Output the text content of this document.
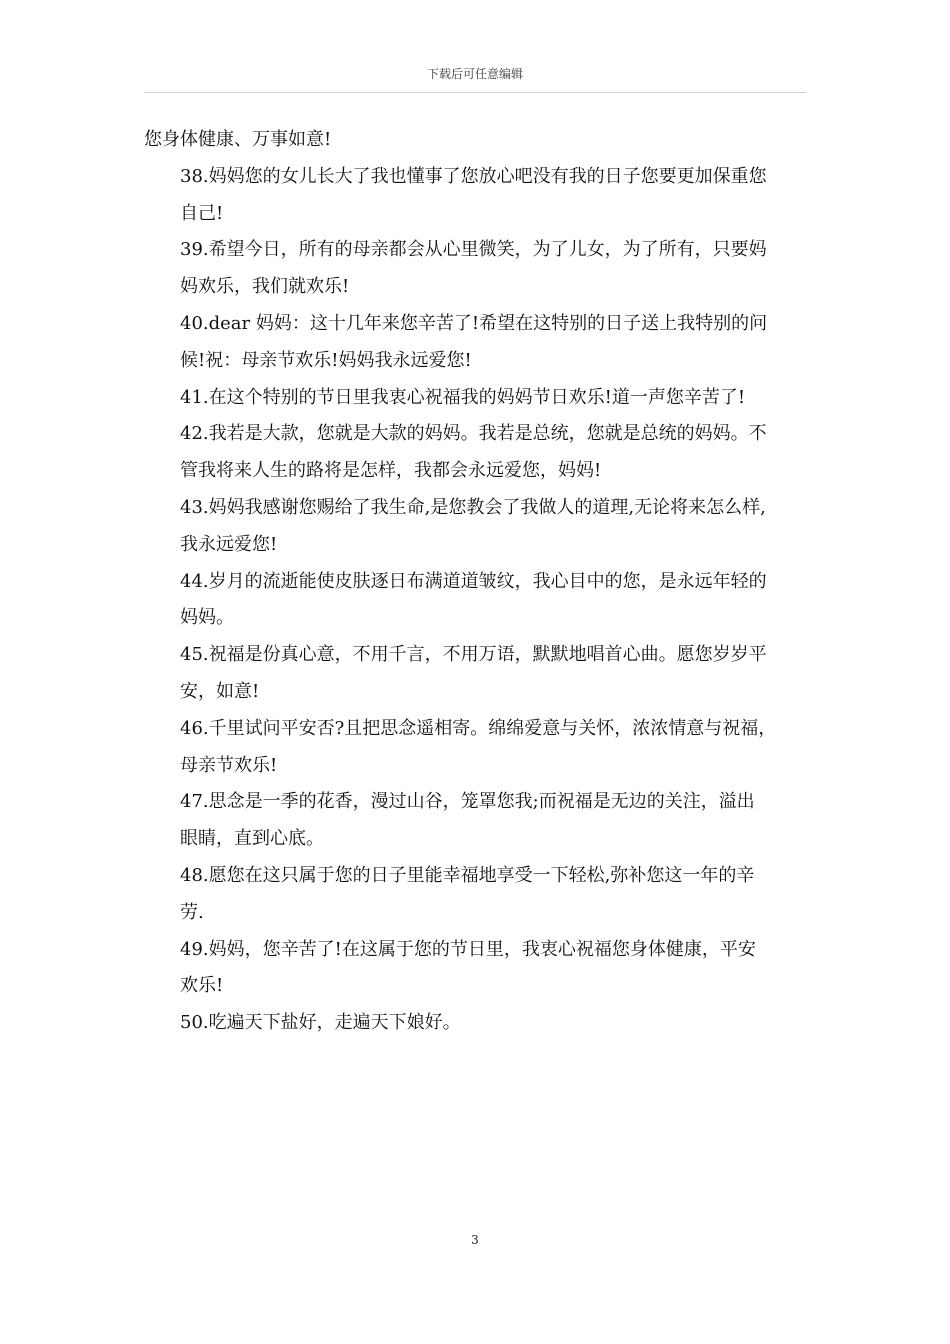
下载后可任意编辑

您身体健康、万事如意!

38.妈妈您的女儿长大了我也懂事了您放心吧没有我的日子您要更加保重您
自己!

39.希望今日，所有的母亲都会从心里微笑，为了儿女，为了所有，只要妈
妈欢乐，我们就欢乐!

40.dear 妈妈：这十几年来您辛苦了!希望在这特别的日子送上我特别的问
候!祝：母亲节欢乐!妈妈我永远爱您!

41.在这个特别的节日里我衷心祝福我的妈妈节日欢乐!道一声您辛苦了!

42.我若是大款，您就是大款的妈妈。我若是总统，您就是总统的妈妈。不
管我将来人生的路将是怎样，我都会永远爱您，妈妈!

43.妈妈我感谢您赐给了我生命,是您教会了我做人的道理,无论将来怎么样,
我永远爱您!

44.岁月的流逝能使皮肤逐日布满道道皱纹，我心目中的您，是永远年轻的
妈妈。

45.祝福是份真心意，不用千言，不用万语，默默地唱首心曲。愿您岁岁平
安，如意!

46.千里试问平安否?且把思念遥相寄。绵绵爱意与关怀，浓浓情意与祝福，
母亲节欢乐!

47.思念是一季的花香，漫过山谷，笼罩您我;而祝福是无边的关注，溢出
眼睛，直到心底。

48.愿您在这只属于您的日子里能幸福地享受一下轻松,弥补您这一年的辛
劳.

49.妈妈，您辛苦了!在这属于您的节日里，我衷心祝福您身体健康，平安
欢乐!

50.吃遍天下盐好，走遍天下娘好。

3
